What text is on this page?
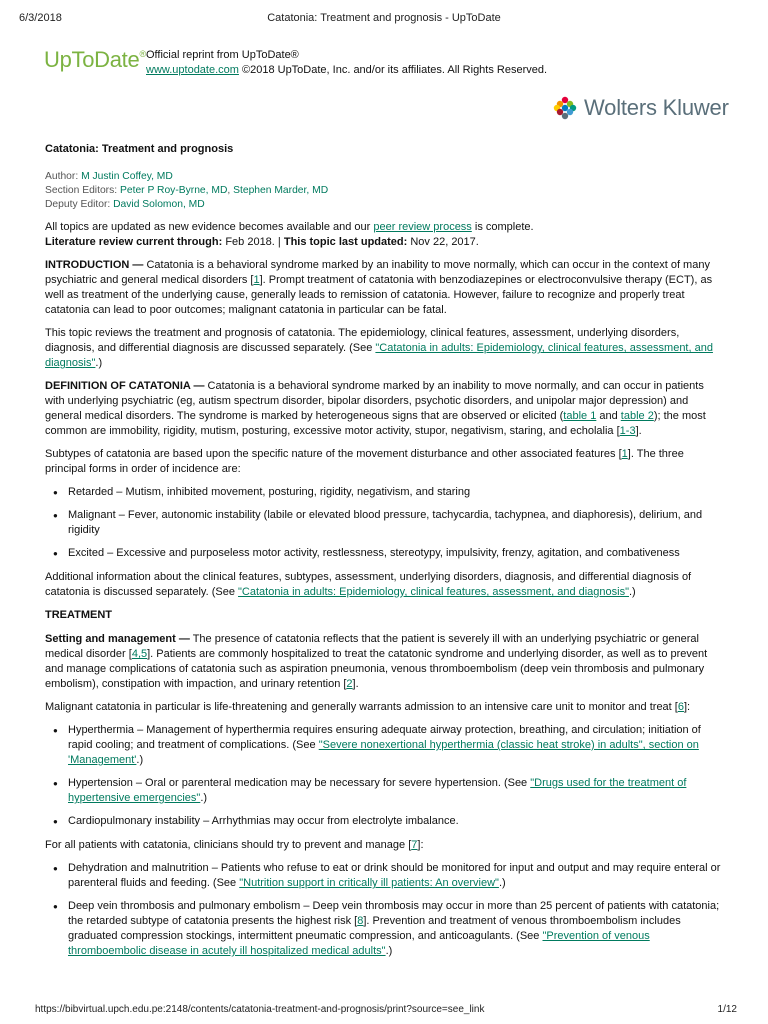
6/3/2018	Catatonia: Treatment and prognosis - UpToDate
UpToDate® Official reprint from UpToDate®
www.uptodate.com ©2018 UpToDate, Inc. and/or its affiliates. All Rights Reserved.
Wolters Kluwer
Catatonia: Treatment and prognosis
Author: M Justin Coffey, MD
Section Editors: Peter P Roy-Byrne, MD, Stephen Marder, MD
Deputy Editor: David Solomon, MD
All topics are updated as new evidence becomes available and our peer review process is complete.
Literature review current through: Feb 2018. | This topic last updated: Nov 22, 2017.

INTRODUCTION — Catatonia is a behavioral syndrome marked by an inability to move normally, which can occur in the context of many psychiatric and general medical disorders [1]. Prompt treatment of catatonia with benzodiazepines or electroconvulsive therapy (ECT), as well as treatment of the underlying cause, generally leads to remission of catatonia. However, failure to recognize and properly treat catatonia can lead to poor outcomes; malignant catatonia in particular can be fatal.

This topic reviews the treatment and prognosis of catatonia. The epidemiology, clinical features, assessment, underlying disorders, diagnosis, and differential diagnosis are discussed separately. (See "Catatonia in adults: Epidemiology, clinical features, assessment, and diagnosis".)

DEFINITION OF CATATONIA — Catatonia is a behavioral syndrome marked by an inability to move normally, and can occur in patients with underlying psychiatric (eg, autism spectrum disorder, bipolar disorders, psychotic disorders, and unipolar major depression) and general medical disorders. The syndrome is marked by heterogeneous signs that are observed or elicited (table 1 and table 2); the most common are immobility, rigidity, mutism, posturing, excessive motor activity, stupor, negativism, staring, and echolalia [1-3].

Subtypes of catatonia are based upon the specific nature of the movement disturbance and other associated features [1]. The three principal forms in order of incidence are:

● Retarded – Mutism, inhibited movement, posturing, rigidity, negativism, and staring
● Malignant – Fever, autonomic instability (labile or elevated blood pressure, tachycardia, tachypnea, and diaphoresis), delirium, and rigidity
● Excited – Excessive and purposeless motor activity, restlessness, stereotypy, impulsivity, frenzy, agitation, and combativeness

Additional information about the clinical features, subtypes, assessment, underlying disorders, diagnosis, and differential diagnosis of catatonia is discussed separately. (See "Catatonia in adults: Epidemiology, clinical features, assessment, and diagnosis".)

TREATMENT

Setting and management — The presence of catatonia reflects that the patient is severely ill with an underlying psychiatric or general medical disorder [4,5]. Patients are commonly hospitalized to treat the catatonic syndrome and underlying disorder, as well as to prevent and manage complications of catatonia such as aspiration pneumonia, venous thromboembolism (deep vein thrombosis and pulmonary embolism), constipation with impaction, and urinary retention [2].

Malignant catatonia in particular is life-threatening and generally warrants admission to an intensive care unit to monitor and treat [6]:

● Hyperthermia – Management of hyperthermia requires ensuring adequate airway protection, breathing, and circulation; initiation of rapid cooling; and treatment of complications. (See "Severe nonexertional hyperthermia (classic heat stroke) in adults", section on 'Management'.)
● Hypertension – Oral or parenteral medication may be necessary for severe hypertension. (See "Drugs used for the treatment of hypertensive emergencies".)
● Cardiopulmonary instability – Arrhythmias may occur from electrolyte imbalance.

For all patients with catatonia, clinicians should try to prevent and manage [7]:

● Dehydration and malnutrition – Patients who refuse to eat or drink should be monitored for input and output and may require enteral or parenteral fluids and feeding. (See "Nutrition support in critically ill patients: An overview".)
● Deep vein thrombosis and pulmonary embolism – Deep vein thrombosis may occur in more than 25 percent of patients with catatonia; the retarded subtype of catatonia presents the highest risk [8]. Prevention and treatment of venous thromboembolism includes graduated compression stockings, intermittent pneumatic compression, and anticoagulants. (See "Prevention of venous thromboembolic disease in acutely ill hospitalized medical adults".)
https://bibvirtual.upch.edu.pe:2148/contents/catatonia-treatment-and-prognosis/print?source=see_link	1/12
